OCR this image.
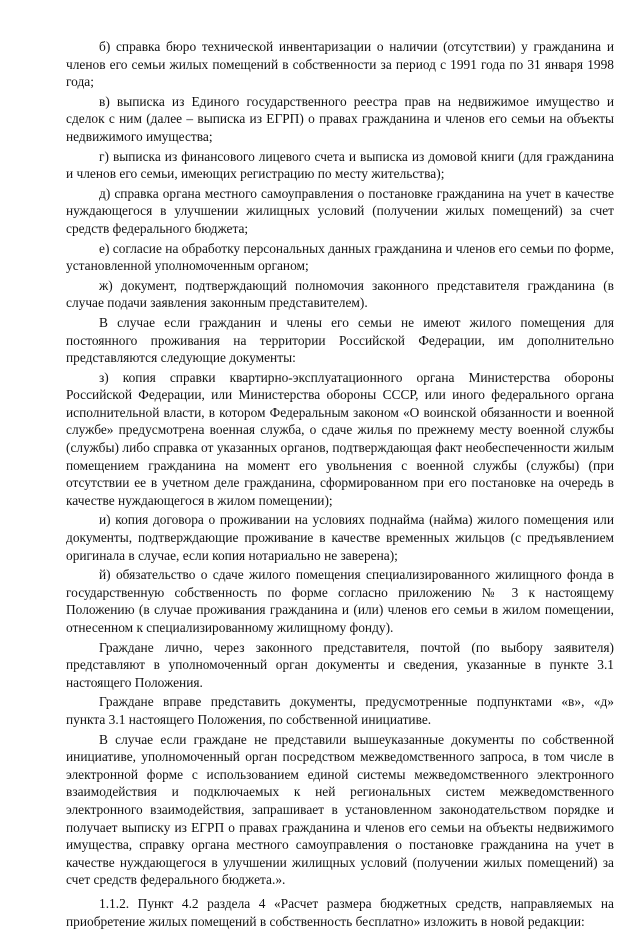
б) справка бюро технической инвентаризации о наличии (отсутствии) у гражданина и членов его семьи жилых помещений в собственности за период с 1991 года по 31 января 1998 года;

в) выписка из Единого государственного реестра прав на недвижимое имущество и сделок с ним (далее – выписка из ЕГРП) о правах гражданина и членов его семьи на объекты недвижимого имущества;

г) выписка из финансового лицевого счета и выписка из домовой книги (для гражданина и членов его семьи, имеющих регистрацию по месту жительства);

д) справка органа местного самоуправления о постановке гражданина на учет в качестве нуждающегося в улучшении жилищных условий (получении жилых помещений) за счет средств федерального бюджета;

е) согласие на обработку персональных данных гражданина и членов его семьи по форме, установленной уполномоченным органом;

ж) документ, подтверждающий полномочия законного представителя гражданина (в случае подачи заявления законным представителем).

В случае если гражданин и члены его семьи не имеют жилого помещения для постоянного проживания на территории Российской Федерации, им дополнительно представляются следующие документы:

з) копия справки квартирно-эксплуатационного органа Министерства обороны Российской Федерации, или Министерства обороны СССР, или иного федерального органа исполнительной власти, в котором Федеральным законом «О воинской обязанности и военной службе» предусмотрена военная служба, о сдаче жилья по прежнему месту военной службы (службы) либо справка от указанных органов, подтверждающая факт необеспеченности жилым помещением гражданина на момент его увольнения с военной службы (службы) (при отсутствии ее в учетном деле гражданина, сформированном при его постановке на очередь в качестве нуждающегося в жилом помещении);

и) копия договора о проживании на условиях поднайма (найма) жилого помещения или документы, подтверждающие проживание в качестве временных жильцов (с предъявлением оригинала в случае, если копия нотариально не заверена);

й) обязательство о сдаче жилого помещения специализированного жилищного фонда в государственную собственность по форме согласно приложению № 3 к настоящему Положению (в случае проживания гражданина и (или) членов его семьи в жилом помещении, отнесенном к специализированному жилищному фонду).

Граждане лично, через законного представителя, почтой (по выбору заявителя) представляют в уполномоченный орган документы и сведения, указанные в пункте 3.1 настоящего Положения.

Граждане вправе представить документы, предусмотренные подпунктами «в», «д» пункта 3.1 настоящего Положения, по собственной инициативе.

В случае если граждане не представили вышеуказанные документы по собственной инициативе, уполномоченный орган посредством межведомственного запроса, в том числе в электронной форме с использованием единой системы межведомственного электронного взаимодействия и подключаемых к ней региональных систем межведомственного электронного взаимодействия, запрашивает в установленном законодательством порядке и получает выписку из ЕГРП о правах гражданина и членов его семьи на объекты недвижимого имущества, справку органа местного самоуправления о постановке гражданина на учет в качестве нуждающегося в улучшении жилищных условий (получении жилых помещений) за счет средств федерального бюджета.».

1.1.2. Пункт 4.2 раздела 4 «Расчет размера бюджетных средств, направляемых на приобретение жилых помещений в собственность бесплатно» изложить в новой редакции:
